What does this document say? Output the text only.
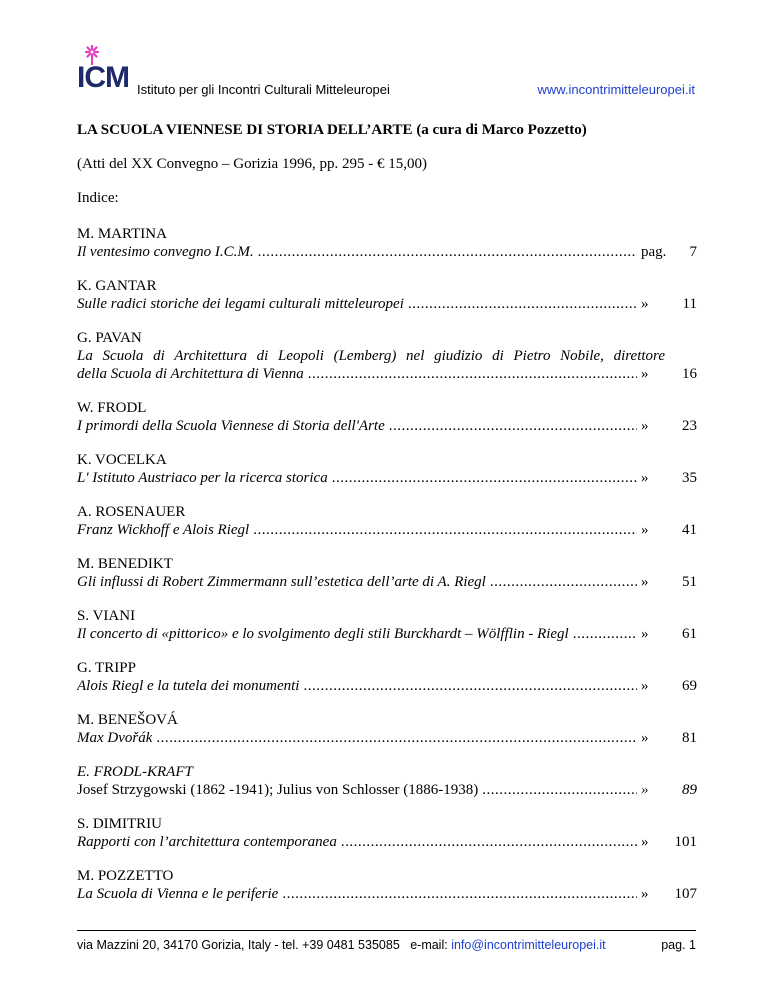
ICM Istituto per gli Incontri Culturali Mitteleuropei	www.incontrimitteleuropei.it
LA SCUOLA VIENNESE DI STORIA DELL’ARTE (a cura di Marco Pozzetto)
(Atti del XX Convegno – Gorizia 1996, pp. 295 - € 15,00)
Indice:
M. MARTINA
Il ventesimo convegno I.C.M. .....	pag.	7
K. GANTAR
Sulle radici storiche dei legami culturali mitteleuropei .....	»	11
G. PAVAN
La Scuola di Architettura di Leopoli (Lemberg) nel giudizio di Pietro Nobile, direttore
della Scuola di Architettura di Vienna .....	»	16
W. FRODL
I primordi della Scuola Viennese di Storia dell'Arte .....	»	23
K. VOCELKA
L' Istituto Austriaco per la ricerca storica .....	»	35
A. ROSENAUER
Franz Wickhoff e Alois Riegl .....	»	41
M. BENEDIKT
Gli influssi di Robert Zimmermann sull’estetica dell’arte di A. Riegl .....	»	51
S. VIANI
Il concerto di «pittorico» e lo svolgimento degli stili Burckhardt – Wölfflin - Riegl .....	»	61
G. TRIPP
Alois Riegl e la tutela dei monumenti .....	»	69
M. BENEŠOVÁ
Max Dvořák .....	»	81
E. FRODL-KRAFT
Josef Strzygowski (1862 -1941); Julius von Schlosser (1886-1938) .....	»	89
S. DIMITRIU
Rapporti con l’architettura contemporanea .....	»	101
M. POZZETTO
La Scuola di Vienna e le periferie .....	»	107
via Mazzini 20, 34170 Gorizia, Italy - tel. +39 0481 535085 e-mail: info@incontrimitteleuropei.it	pag. 1
